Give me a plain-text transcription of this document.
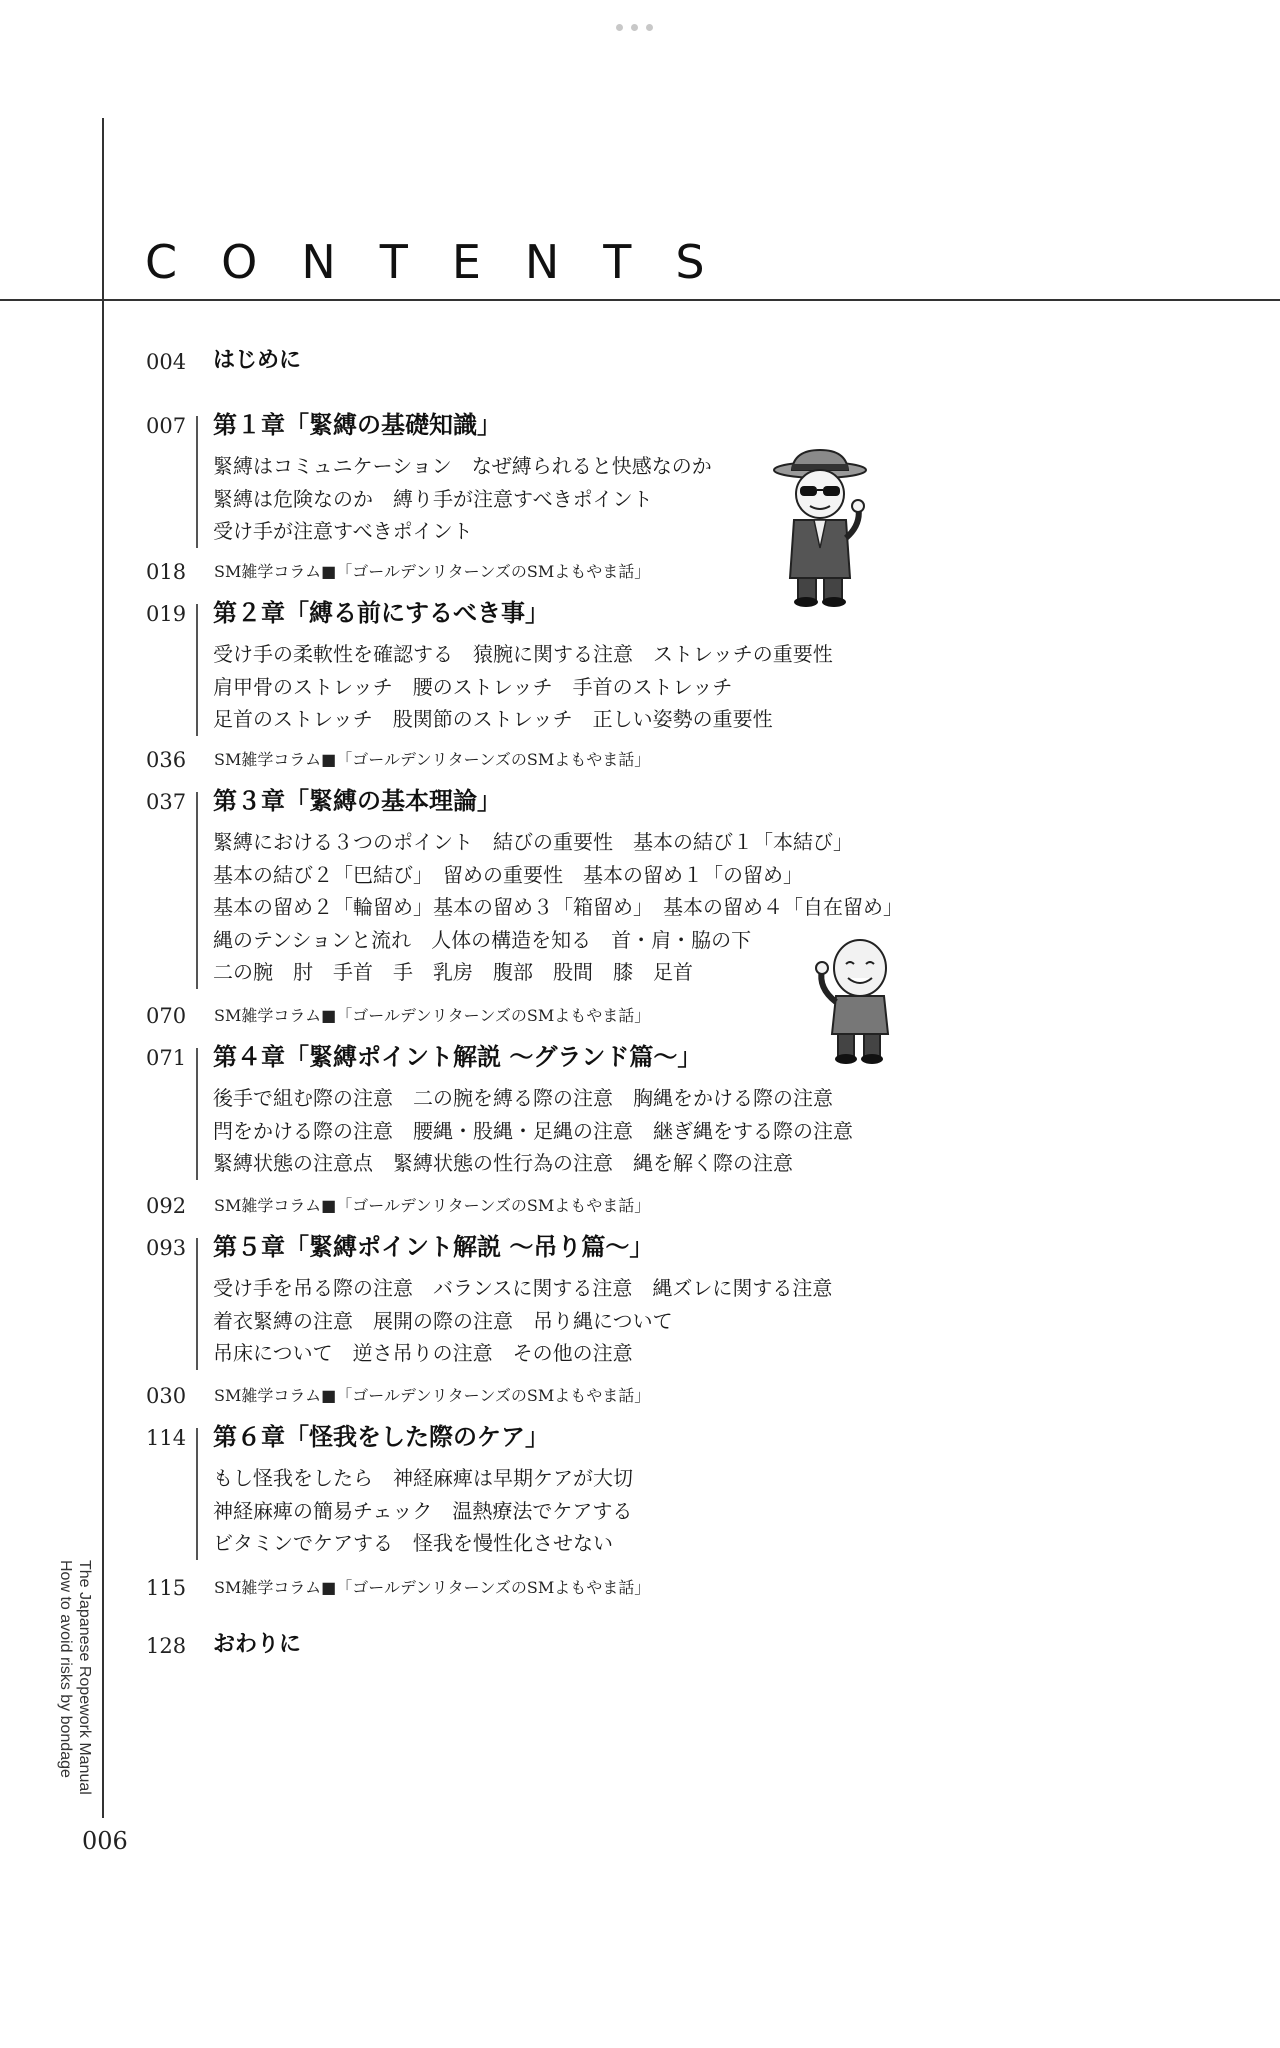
CONTENTS
004 はじめに
007 第１章「緊縛の基礎知識」
緊縛はコミュニケーション　なぜ縛られると快感なのか
緊縛は危険なのか　縛り手が注意すべきポイント
受け手が注意すべきポイント
018 SM雑学コラム■「ゴールデンリターンズのSMよもやま話」
019 第２章「縛る前にするべき事」
受け手の柔軟性を確認する　猿腕に関する注意　ストレッチの重要性
肩甲骨のストレッチ　腰のストレッチ　手首のストレッチ
足首のストレッチ　股関節のストレッチ　正しい姿勢の重要性
036 SM雑学コラム■「ゴールデンリターンズのSMよもやま話」
037 第３章「緊縛の基本理論」
緊縛における３つのポイント　結びの重要性　基本の結び１「本結び」
基本の結び２「巴結び」　留めの重要性　基本の留め１「の留め」
基本の留め２「輪留め」基本の留め３「箱留め」　基本の留め４「自在留め」
縄のテンションと流れ　人体の構造を知る　首・肩・脇の下
二の腕　肘　手首　手　乳房　腹部　股間　膝　足首
070 SM雑学コラム■「ゴールデンリターンズのSMよもやま話」
071 第４章「緊縛ポイント解説 ～グランド篇～」
後手で組む際の注意　二の腕を縛る際の注意　胸縄をかける際の注意
閂をかける際の注意　腰縄・股縄・足縄の注意　継ぎ縄をする際の注意
緊縛状態の注意点　緊縛状態の性行為の注意　縄を解く際の注意
092 SM雑学コラム■「ゴールデンリターンズのSMよもやま話」
093 第５章「緊縛ポイント解説 ～吊り篇～」
受け手を吊る際の注意　バランスに関する注意　縄ズレに関する注意
着衣緊縛の注意　展開の際の注意　吊り縄について
吊床について　逆さ吊りの注意　その他の注意
030 SM雑学コラム■「ゴールデンリターンズのSMよもやま話」
114 第６章「怪我をした際のケア」
もし怪我をしたら　神経麻痺は早期ケアが大切
神経麻痺の簡易チェック　温熱療法でケアする
ビタミンでケアする　怪我を慢性化させない
115 SM雑学コラム■「ゴールデンリターンズのSMよもやま話」
128 おわりに
The Japanese Ropework Manual
How to avoid risks by bondage
006
